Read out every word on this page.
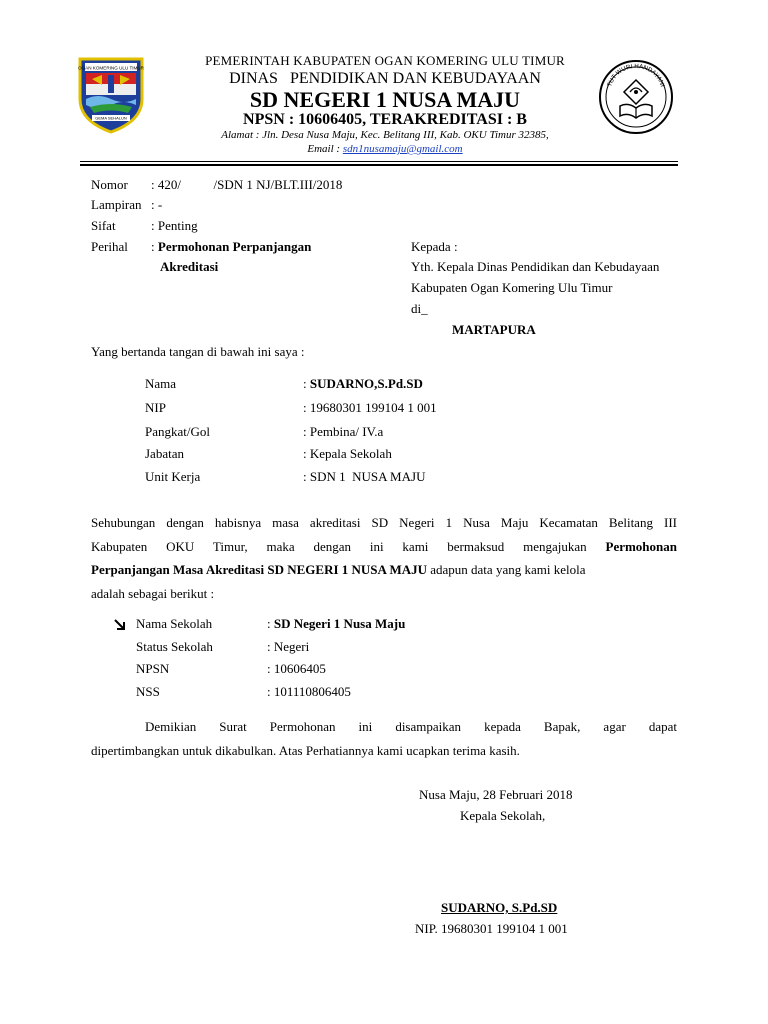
OGAN KOMERING ULU TIMUR
GEMA SEHALUN
TUT WURI HANDAYANI
PEMERINTAH KABUPATEN OGAN KOMERING ULU TIMUR
DINAS   PENDIDIKAN DAN KEBUDAYAAN
SD NEGERI 1 NUSA MAJU
NPSN : 10606405, TERAKREDITASI : B
Alamat : Jln. Desa Nusa Maju, Kec. Belitang III, Kab. OKU Timur 32385,
Email : sdn1nusamaju@gmail.com
Nomor : 420/          /SDN 1 NJ/BLT.III/2018
Lampiran : -
Sifat	: Penting
Perihal : Permohonan Perpanjangan
Akreditasi
Kepada :
Yth. Kepala Dinas Pendidikan dan Kebudayaan
Kabupaten Ogan Komering Ulu Timur
di_
MARTAPURA
Yang bertanda tangan di bawah ini saya :
Nama	: SUDARNO,S.Pd.SD
NIP	: 19680301 199104 1 001
Pangkat/Gol	: Pembina/ IV.a
Jabatan	: Kepala Sekolah
Unit Kerja	: SDN 1  NUSA MAJU
Sehubungan dengan habisnya masa akreditasi SD Negeri 1 Nusa Maju Kecamatan Belitang III
Kabupaten OKU Timur, maka dengan ini kami bermaksud mengajukan Permohonan
Perpanjangan Masa Akreditasi SD NEGERI 1 NUSA MAJU adapun data yang kami kelola
adalah sebagai berikut :
Nama Sekolah	: SD Negeri 1 Nusa Maju
Status Sekolah	: Negeri
NPSN	: 10606405
NSS	: 101110806405
Demikian Surat Permohonan ini disampaikan kepada Bapak, agar dapat
dipertimbangkan untuk dikabulkan. Atas Perhatiannya kami ucapkan terima kasih.
Nusa Maju, 28 Februari 2018
Kepala Sekolah,
SUDARNO, S.Pd.SD
NIP. 19680301 199104 1 001
